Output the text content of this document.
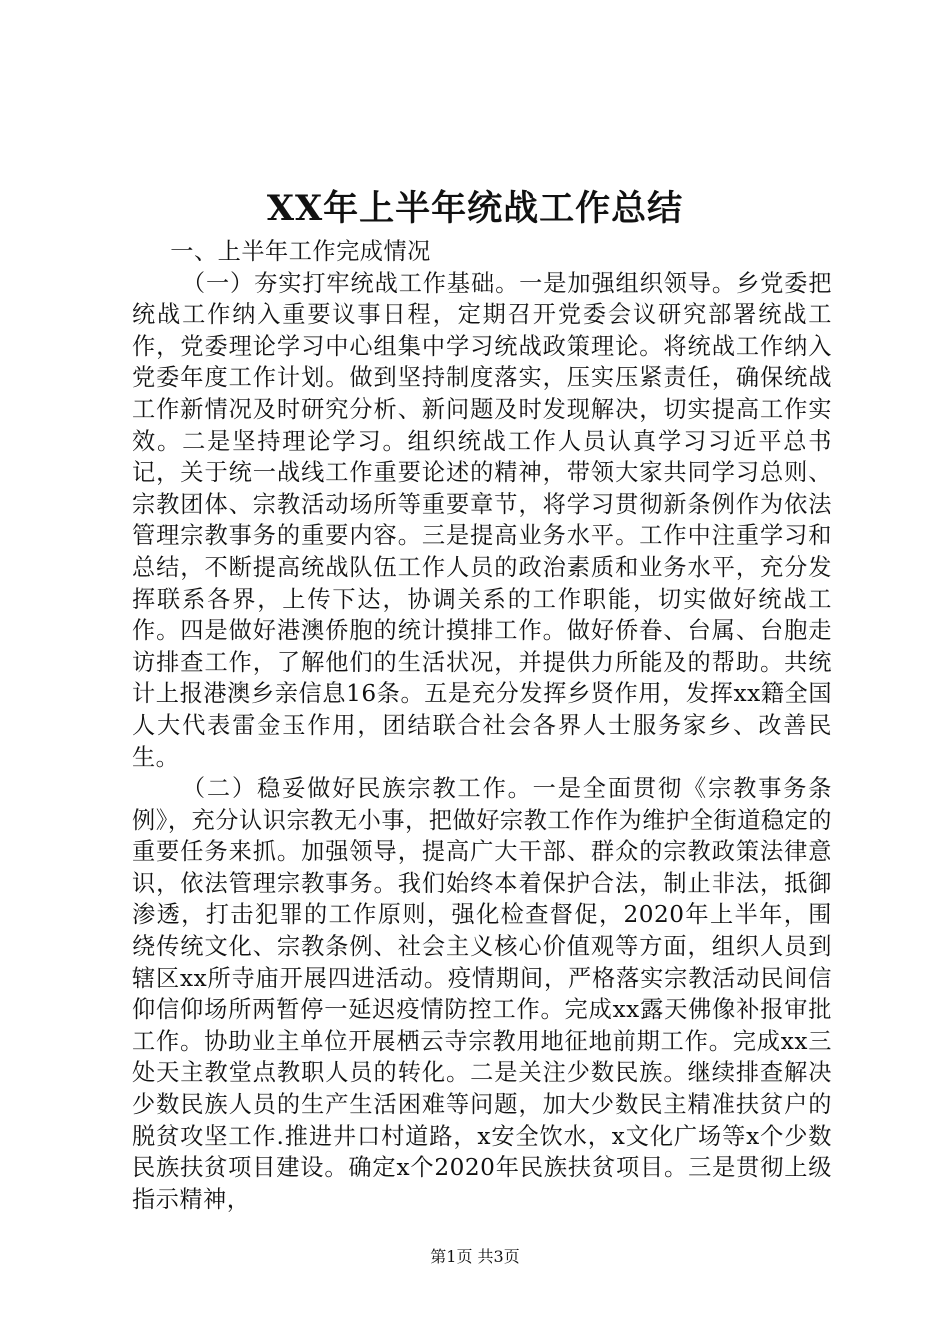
XX年上半年统战工作总结

一、上半年工作完成情况

（一）夯实打牢统战工作基础。一是加强组织领导。乡党委把统战工作纳入重要议事日程，定期召开党委会议研究部署统战工作，党委理论学习中心组集中学习统战政策理论。将统战工作纳入党委年度工作计划。做到坚持制度落实，压实压紧责任，确保统战工作新情况及时研究分析、新问题及时发现解决，切实提高工作实效。二是坚持理论学习。组织统战工作人员认真学习习近平总书记，关于统一战线工作重要论述的精神，带领大家共同学习总则、宗教团体、宗教活动场所等重要章节，将学习贯彻新条例作为依法管理宗教事务的重要内容。三是提高业务水平。工作中注重学习和总结，不断提高统战队伍工作人员的政治素质和业务水平，充分发挥联系各界，上传下达，协调关系的工作职能，切实做好统战工作。四是做好港澳侨胞的统计摸排工作。做好侨眷、台属、台胞走访排查工作，了解他们的生活状况，并提供力所能及的帮助。共统计上报港澳乡亲信息16条。五是充分发挥乡贤作用，发挥xx籍全国人大代表雷金玉作用，团结联合社会各界人士服务家乡、改善民生。

（二）稳妥做好民族宗教工作。一是全面贯彻《宗教事务条例》，充分认识宗教无小事，把做好宗教工作作为维护全街道稳定的重要任务来抓。加强领导，提高广大干部、群众的宗教政策法律意识，依法管理宗教事务。我们始终本着保护合法，制止非法，抵御渗透，打击犯罪的工作原则，强化检查督促，2020年上半年，围绕传统文化、宗教条例、社会主义核心价值观等方面，组织人员到辖区xx所寺庙开展四进活动。疫情期间，严格落实宗教活动民间信仰信仰场所两暂停一延迟疫情防控工作。完成xx露天佛像补报审批工作。协助业主单位开展栖云寺宗教用地征地前期工作。完成xx三处天主教堂点教职人员的转化。二是关注少数民族。继续排查解决少数民族人员的生产生活困难等问题，加大少数民主精准扶贫户的脱贫攻坚工作.推进井口村道路，x安全饮水，x文化广场等x个少数民族扶贫项目建设。确定x个2020年民族扶贫项目。三是贯彻上级指示精神，

第1页 共3页
